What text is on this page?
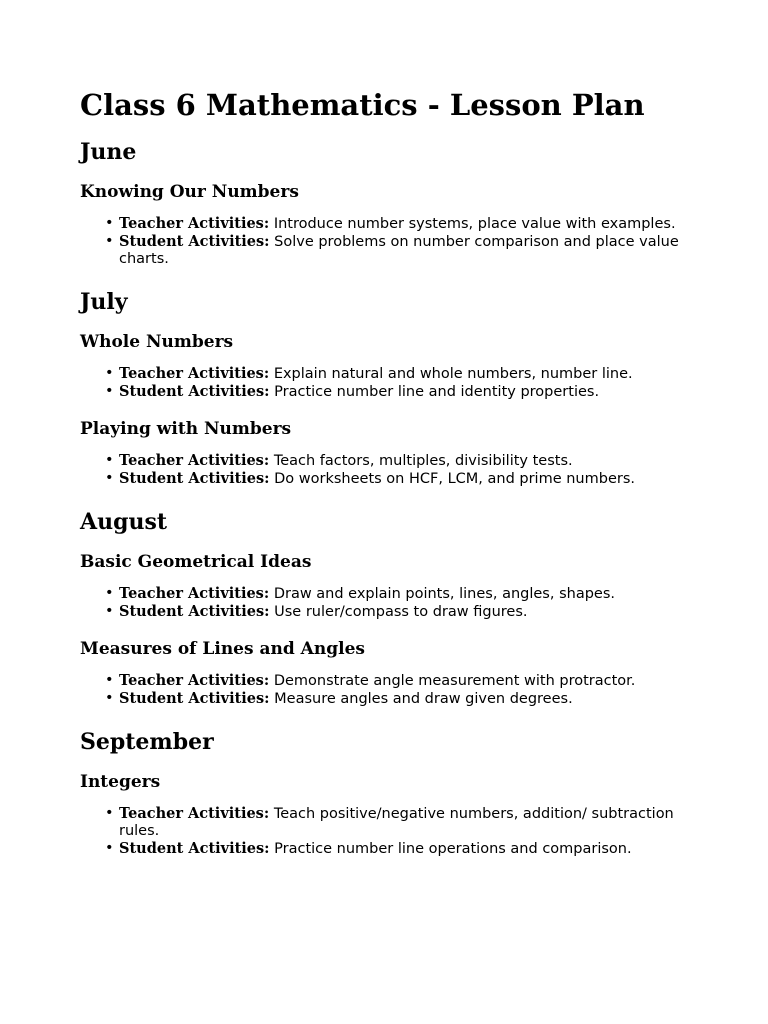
Class 6 Mathematics - Lesson Plan
June
Knowing Our Numbers
• Teacher Activities: Introduce number systems, place value with examples.
• Student Activities: Solve problems on number comparison and place value charts.
July
Whole Numbers
• Teacher Activities: Explain natural and whole numbers, number line.
• Student Activities: Practice number line and identity properties.
Playing with Numbers
• Teacher Activities: Teach factors, multiples, divisibility tests.
• Student Activities: Do worksheets on HCF, LCM, and prime numbers.
August
Basic Geometrical Ideas
• Teacher Activities: Draw and explain points, lines, angles, shapes.
• Student Activities: Use ruler/compass to draw figures.
Measures of Lines and Angles
• Teacher Activities: Demonstrate angle measurement with protractor.
• Student Activities: Measure angles and draw given degrees.
September
Integers
• Teacher Activities: Teach positive/negative numbers, addition/ subtraction rules.
• Student Activities: Practice number line operations and comparison.
